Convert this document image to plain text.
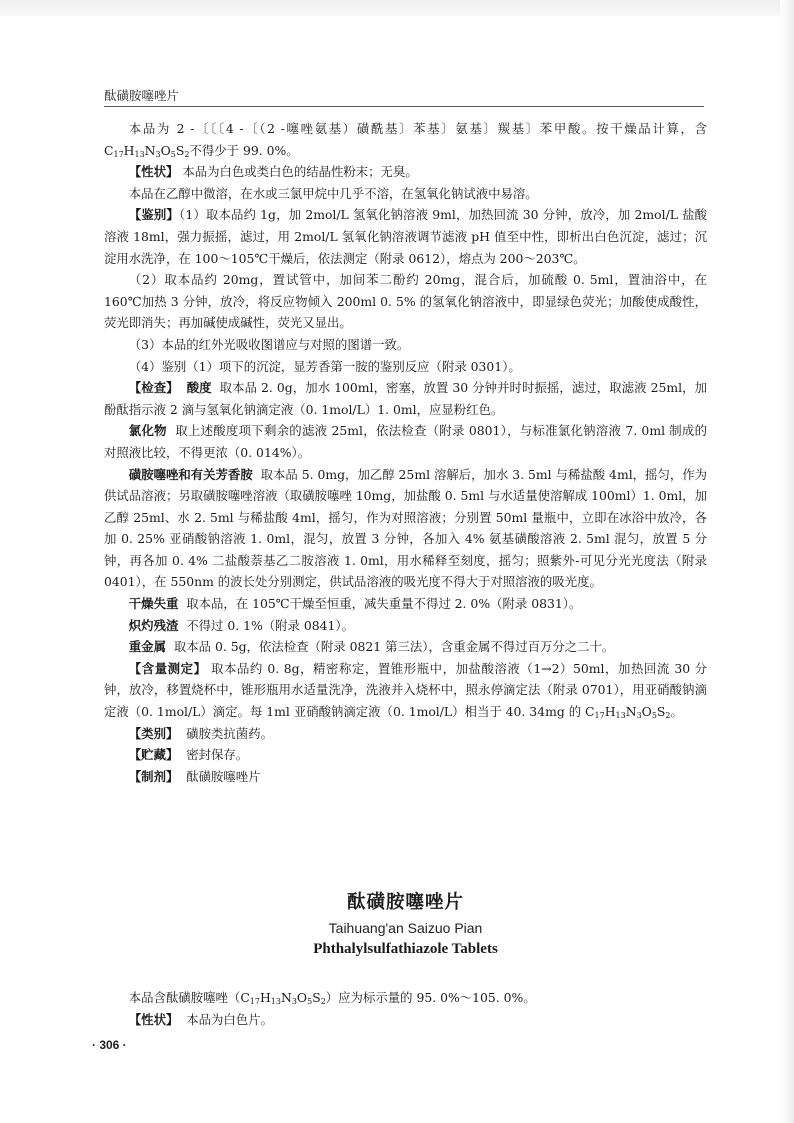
酞磺胺噻唑片

本品为 2 -〔〔〔4 -〔（2 -噻唑氨基）磺酰基〕苯基〕氨基〕羰基〕苯甲酸。按干燥品计算，含$C_{17}H_{13}N_3O_5S_2$不得少于 99. 0%。

【性状】 本品为白色或类白色的结晶性粉末；无臭。

本品在乙醇中微溶，在水或三氯甲烷中几乎不溶，在氢氧化钠试液中易溶。

【鉴别】（1）取本品约 1g，加 2mol/L 氢氧化钠溶液 9ml，加热回流 30 分钟，放冷，加 2mol/L 盐酸溶液 18ml，强力振摇，滤过，用 2mol/L 氢氧化钠溶液调节滤液 pH 值至中性，即析出白色沉淀，滤过；沉淀用水洗净，在 100～105℃干燥后，依法测定（附录 0612），熔点为 200～203℃。

（2）取本品约 20mg，置试管中，加间苯二酚约 20mg，混合后，加硫酸 0. 5ml，置油浴中，在 160℃加热 3 分钟，放冷，将反应物倾入 200ml 0. 5% 的氢氧化钠溶液中，即显绿色荧光；加酸使成酸性，荧光即消失；再加碱使成碱性，荧光又显出。

（3）本品的红外光吸收图谱应与对照的图谱一致。

（4）鉴别（1）项下的沉淀，显芳香第一胺的鉴别反应（附录 0301）。

【检查】 酸度 取本品 2. 0g，加水 100ml，密塞，放置 30 分钟并时时振摇，滤过，取滤液 25ml，加酚酞指示液 2 滴与氢氧化钠滴定液（0. 1mol/L）1. 0ml，应显粉红色。

氯化物 取上述酸度项下剩余的滤液 25ml，依法检查（附录 0801），与标准氯化钠溶液 7. 0ml 制成的对照液比较，不得更浓（0. 014%）。

磺胺噻唑和有关芳香胺 取本品 5. 0mg，加乙醇 25ml 溶解后，加水 3. 5ml 与稀盐酸 4ml，摇匀，作为供试品溶液；另取磺胺噻唑溶液（取磺胺噻唑 10mg，加盐酸 0. 5ml 与水适量使溶解成 100ml）1. 0ml，加乙醇 25ml、水 2. 5ml 与稀盐酸 4ml，摇匀，作为对照溶液；分别置 50ml 量瓶中，立即在冰浴中放冷，各加 0. 25% 亚硝酸钠溶液 1. 0ml，混匀，放置 3 分钟，各加入 4% 氨基磺酸溶液 2. 5ml 混匀，放置 5 分钟，再各加 0. 4% 二盐酸萘基乙二胺溶液 1. 0ml，用水稀释至刻度，摇匀；照紫外-可见分光光度法（附录 0401），在 550nm 的波长处分别测定，供试品溶液的吸光度不得大于对照溶液的吸光度。

干燥失重 取本品，在 105℃干燥至恒重，减失重量不得过 2. 0%（附录 0831）。

炽灼残渣 不得过 0. 1%（附录 0841）。

重金属 取本品 0. 5g，依法检查（附录 0821 第三法），含重金属不得过百万分之二十。

【含量测定】 取本品约 0. 8g，精密称定，置锥形瓶中，加盐酸溶液（1→2）50ml，加热回流 30 分钟，放冷，移置烧杯中，锥形瓶用水适量洗净，洗液并入烧杯中，照永停滴定法（附录 0701），用亚硝酸钠滴定液（0. 1mol/L）滴定。每 1ml 亚硝酸钠滴定液（0. 1mol/L）相当于 40. 34mg 的 $C_{17}H_{13}N_3O_5S_2$。

【类别】 磺胺类抗菌药。

【贮藏】 密封保存。

【制剂】 酞磺胺噻唑片

酞磺胺噻唑片
Taihuang'an Saizuo Pian
Phthalylsulfathiazole Tablets

本品含酞磺胺噻唑$(C_{17}H_{13}N_3O_5S_2)$应为标示量的 95. 0%～105. 0%。

【性状】 本品为白色片。

· 306 ·
